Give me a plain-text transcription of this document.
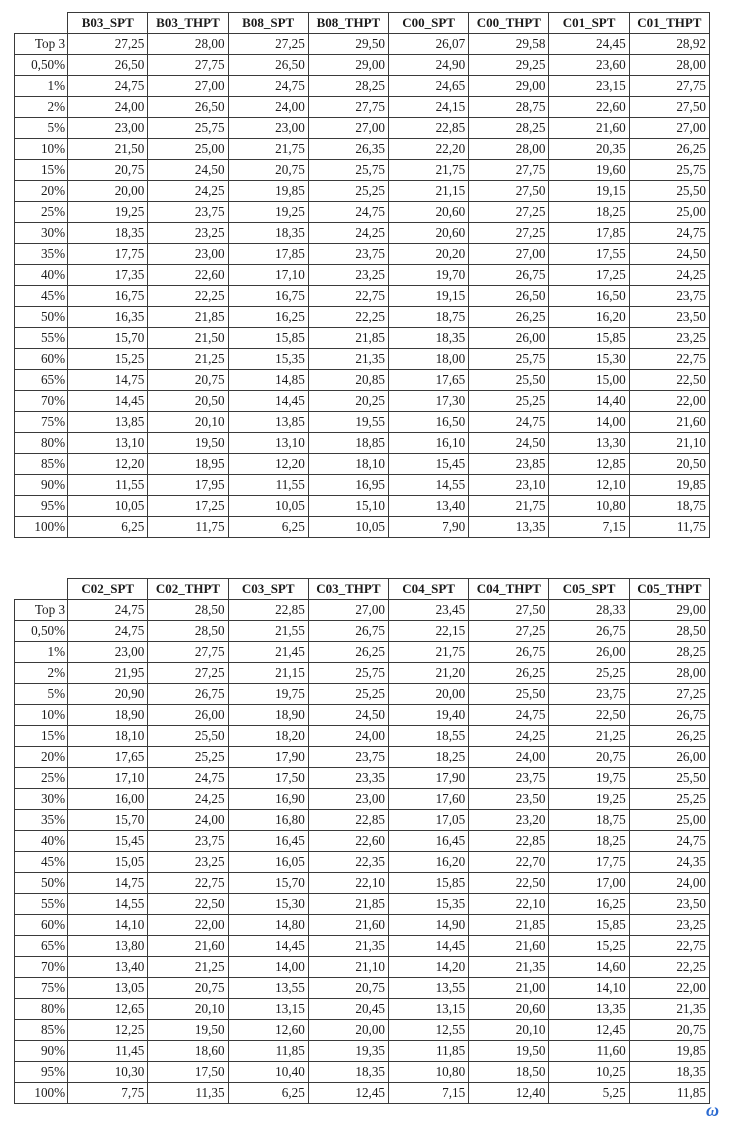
	B03_SPT	B03_THPT	B08_SPT	B08_THPT	C00_SPT	C00_THPT	C01_SPT	C01_THPT
Top 3	27,25	28,00	27,25	29,50	26,07	29,58	24,45	28,92
0,50%	26,50	27,75	26,50	29,00	24,90	29,25	23,60	28,00
1%	24,75	27,00	24,75	28,25	24,65	29,00	23,15	27,75
2%	24,00	26,50	24,00	27,75	24,15	28,75	22,60	27,50
5%	23,00	25,75	23,00	27,00	22,85	28,25	21,60	27,00
10%	21,50	25,00	21,75	26,35	22,20	28,00	20,35	26,25
15%	20,75	24,50	20,75	25,75	21,75	27,75	19,60	25,75
20%	20,00	24,25	19,85	25,25	21,15	27,50	19,15	25,50
25%	19,25	23,75	19,25	24,75	20,60	27,25	18,25	25,00
30%	18,35	23,25	18,35	24,25	20,60	27,25	17,85	24,75
35%	17,75	23,00	17,85	23,75	20,20	27,00	17,55	24,50
40%	17,35	22,60	17,10	23,25	19,70	26,75	17,25	24,25
45%	16,75	22,25	16,75	22,75	19,15	26,50	16,50	23,75
50%	16,35	21,85	16,25	22,25	18,75	26,25	16,20	23,50
55%	15,70	21,50	15,85	21,85	18,35	26,00	15,85	23,25
60%	15,25	21,25	15,35	21,35	18,00	25,75	15,30	22,75
65%	14,75	20,75	14,85	20,85	17,65	25,50	15,00	22,50
70%	14,45	20,50	14,45	20,25	17,30	25,25	14,40	22,00
75%	13,85	20,10	13,85	19,55	16,50	24,75	14,00	21,60
80%	13,10	19,50	13,10	18,85	16,10	24,50	13,30	21,10
85%	12,20	18,95	12,20	18,10	15,45	23,85	12,85	20,50
90%	11,55	17,95	11,55	16,95	14,55	23,10	12,10	19,85
95%	10,05	17,25	10,05	15,10	13,40	21,75	10,80	18,75
100%	6,25	11,75	6,25	10,05	7,90	13,35	7,15	11,75
	C02_SPT	C02_THPT	C03_SPT	C03_THPT	C04_SPT	C04_THPT	C05_SPT	C05_THPT
Top 3	24,75	28,50	22,85	27,00	23,45	27,50	28,33	29,00
0,50%	24,75	28,50	21,55	26,75	22,15	27,25	26,75	28,50
1%	23,00	27,75	21,45	26,25	21,75	26,75	26,00	28,25
2%	21,95	27,25	21,15	25,75	21,20	26,25	25,25	28,00
5%	20,90	26,75	19,75	25,25	20,00	25,50	23,75	27,25
10%	18,90	26,00	18,90	24,50	19,40	24,75	22,50	26,75
15%	18,10	25,50	18,20	24,00	18,55	24,25	21,25	26,25
20%	17,65	25,25	17,90	23,75	18,25	24,00	20,75	26,00
25%	17,10	24,75	17,50	23,35	17,90	23,75	19,75	25,50
30%	16,00	24,25	16,90	23,00	17,60	23,50	19,25	25,25
35%	15,70	24,00	16,80	22,85	17,05	23,20	18,75	25,00
40%	15,45	23,75	16,45	22,60	16,45	22,85	18,25	24,75
45%	15,05	23,25	16,05	22,35	16,20	22,70	17,75	24,35
50%	14,75	22,75	15,70	22,10	15,85	22,50	17,00	24,00
55%	14,55	22,50	15,30	21,85	15,35	22,10	16,25	23,50
60%	14,10	22,00	14,80	21,60	14,90	21,85	15,85	23,25
65%	13,80	21,60	14,45	21,35	14,45	21,60	15,25	22,75
70%	13,40	21,25	14,00	21,10	14,20	21,35	14,60	22,25
75%	13,05	20,75	13,55	20,75	13,55	21,00	14,10	22,00
80%	12,65	20,10	13,15	20,45	13,15	20,60	13,35	21,35
85%	12,25	19,50	12,60	20,00	12,55	20,10	12,45	20,75
90%	11,45	18,60	11,85	19,35	11,85	19,50	11,60	19,85
95%	10,30	17,50	10,40	18,35	10,80	18,50	10,25	18,35
100%	7,75	11,35	6,25	12,45	7,15	12,40	5,25	11,85
ω
